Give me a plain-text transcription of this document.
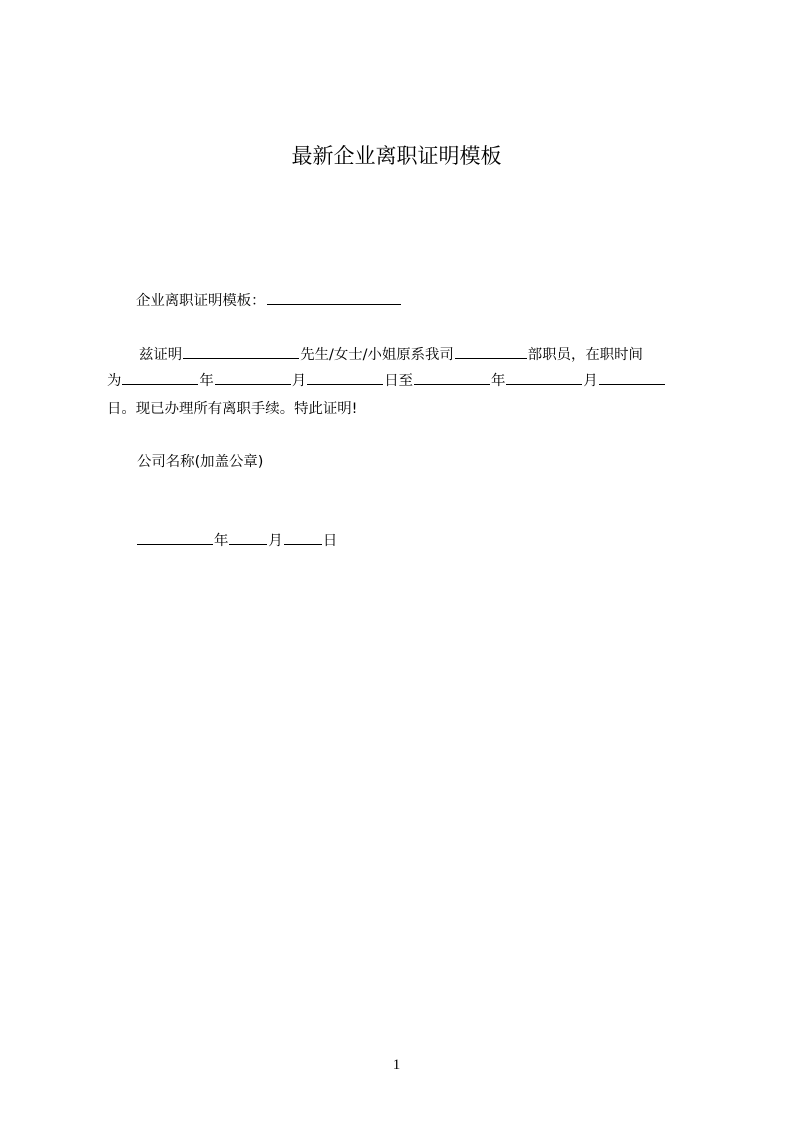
最新企业离职证明模板
企业离职证明模板：
兹证明	先生/女士/小姐原系我司	部职员，在职时间
为	年	月	日至	年	月
日。现已办理所有离职手续。特此证明!
公司名称(加盖公章)
年	月	日
1
